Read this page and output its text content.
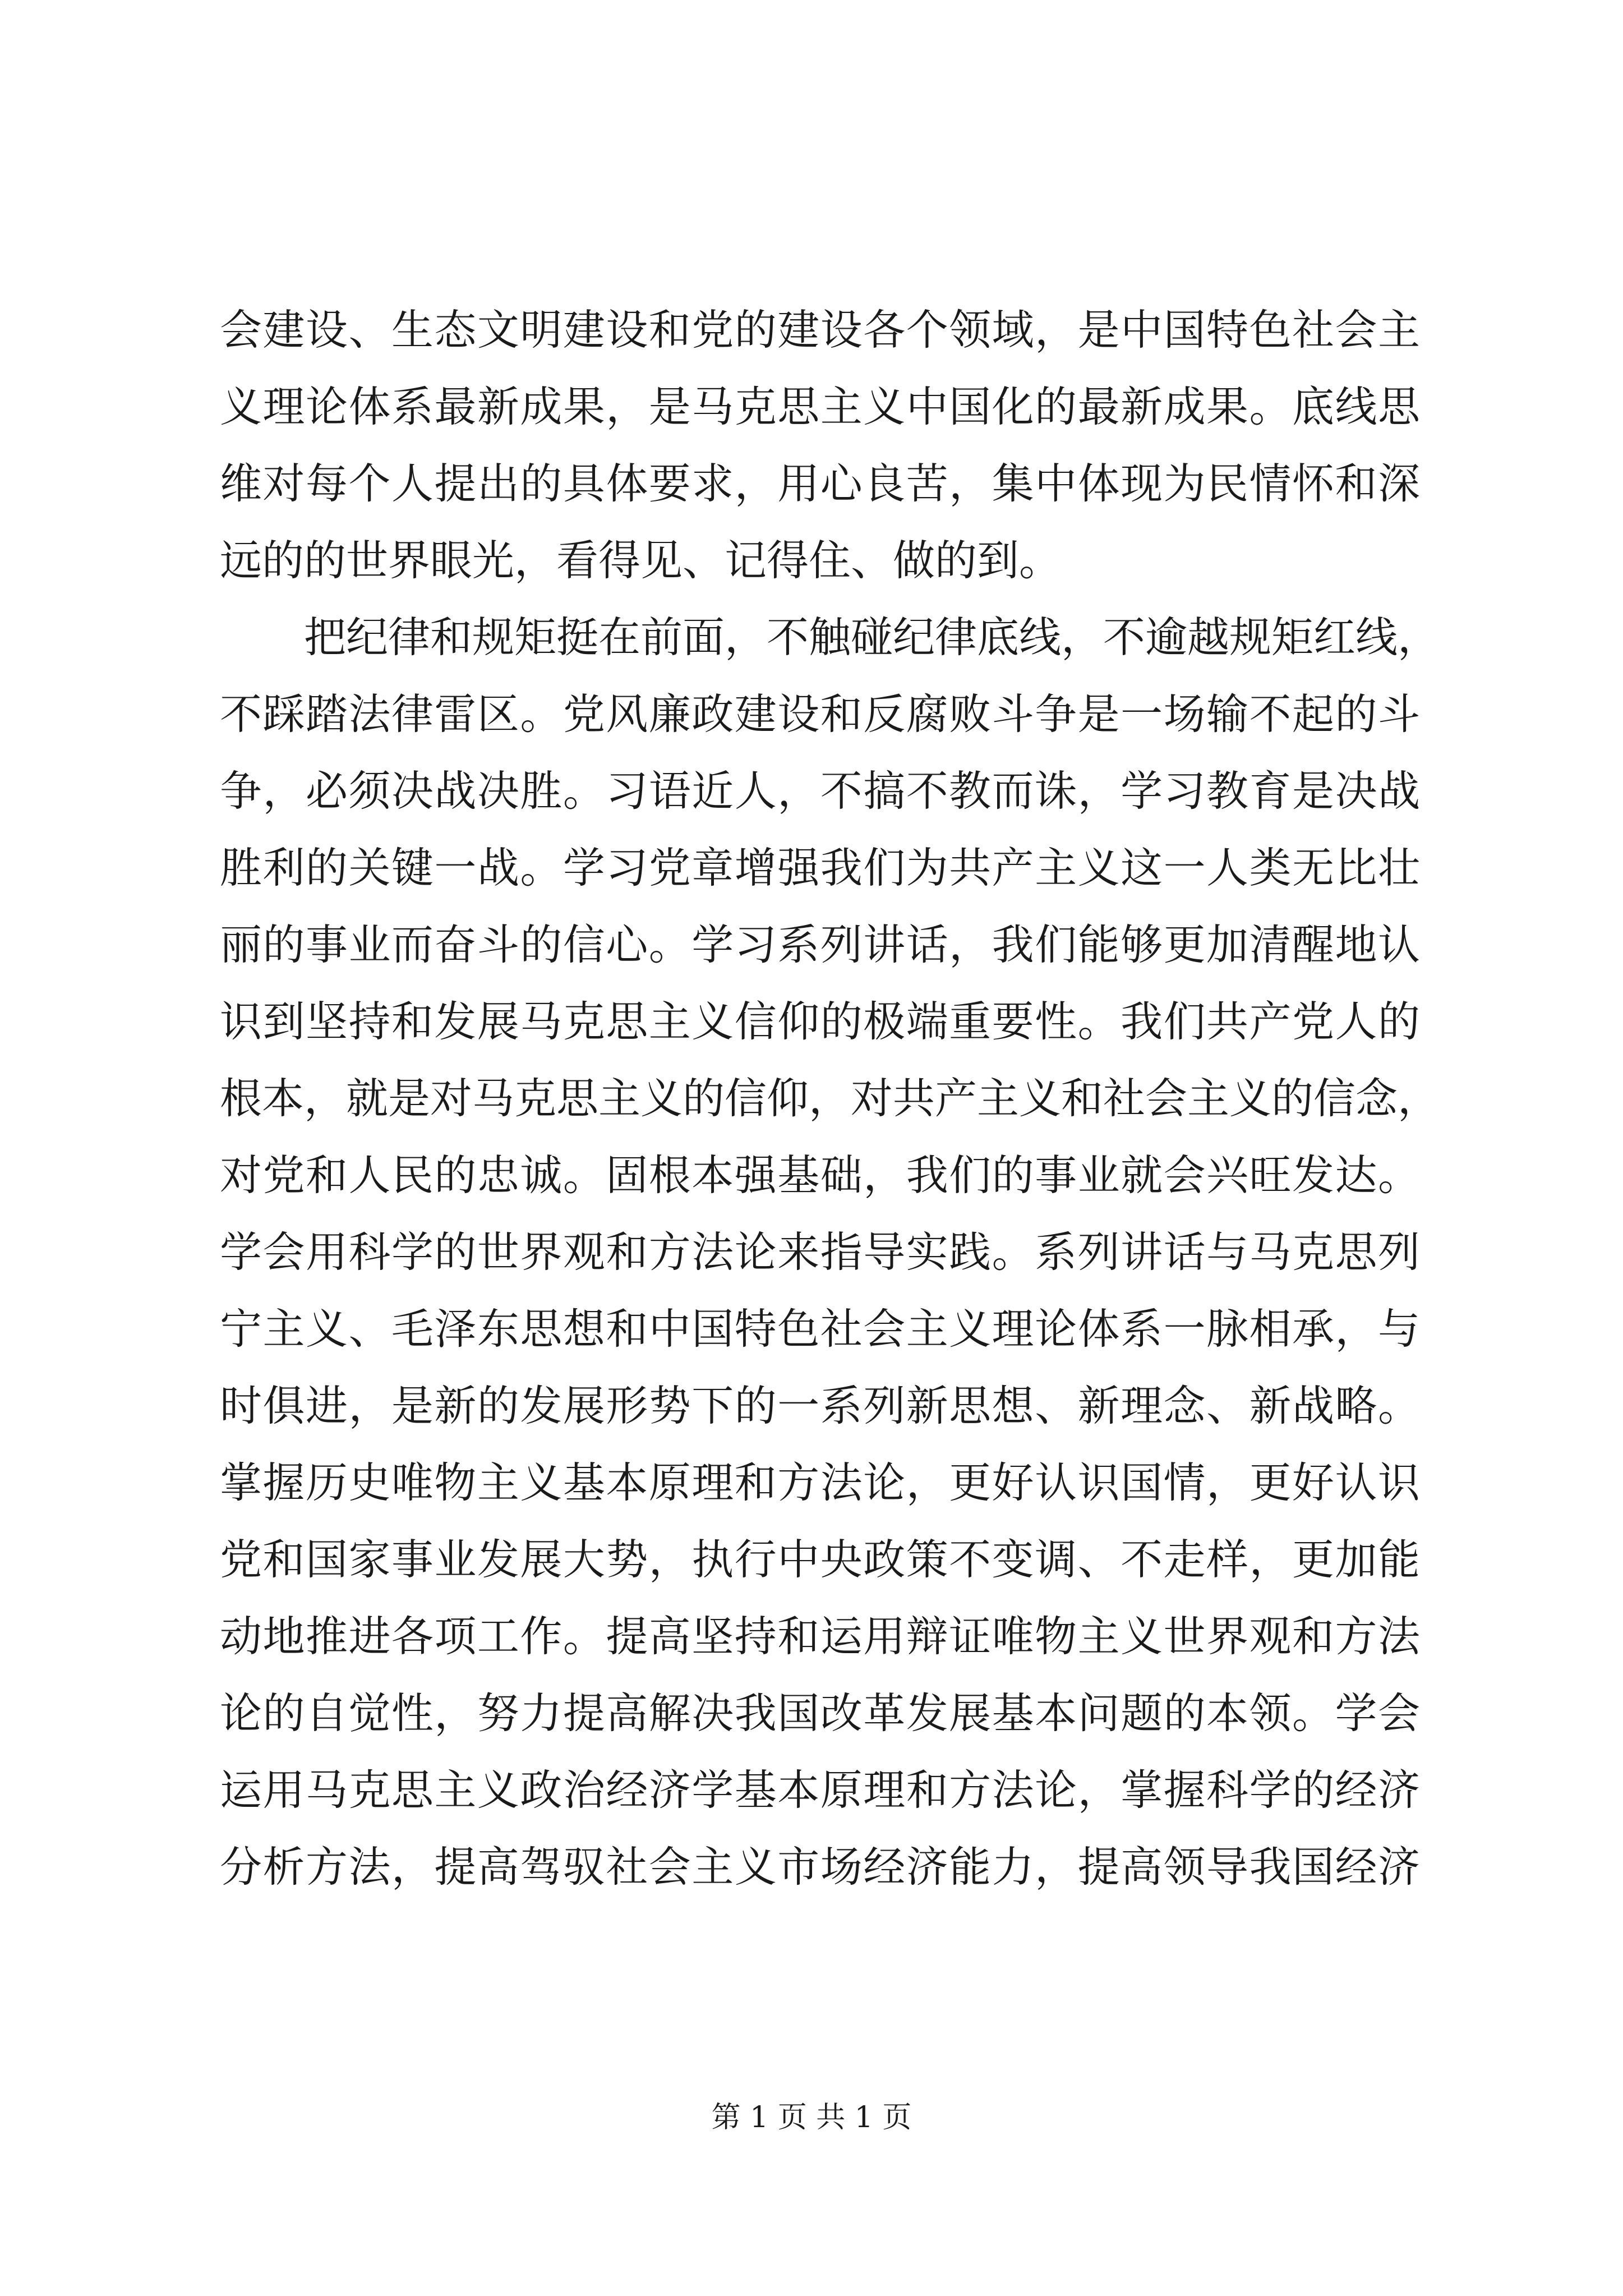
会建设、生态文明建设和党的建设各个领域，是中国特色社会主
义理论体系最新成果，是马克思主义中国化的最新成果。底线思
维对每个人提出的具体要求，用心良苦，集中体现为民情怀和深
远的的世界眼光，看得见、记得住、做的到。
把纪律和规矩挺在前面，不触碰纪律底线，不逾越规矩红线，
不踩踏法律雷区。党风廉政建设和反腐败斗争是一场输不起的斗
争，必须决战决胜。习语近人，不搞不教而诛，学习教育是决战
胜利的关键一战。学习党章增强我们为共产主义这一人类无比壮
丽的事业而奋斗的信心。学习系列讲话，我们能够更加清醒地认
识到坚持和发展马克思主义信仰的极端重要性。我们共产党人的
根本，就是对马克思主义的信仰，对共产主义和社会主义的信念，
对党和人民的忠诚。固根本强基础，我们的事业就会兴旺发达。
学会用科学的世界观和方法论来指导实践。系列讲话与马克思列
宁主义、毛泽东思想和中国特色社会主义理论体系一脉相承，与
时俱进，是新的发展形势下的一系列新思想、新理念、新战略。
掌握历史唯物主义基本原理和方法论，更好认识国情，更好认识
党和国家事业发展大势，执行中央政策不变调、不走样，更加能
动地推进各项工作。提高坚持和运用辩证唯物主义世界观和方法
论的自觉性，努力提高解决我国改革发展基本问题的本领。学会
运用马克思主义政治经济学基本原理和方法论，掌握科学的经济
分析方法，提高驾驭社会主义市场经济能力，提高领导我国经济
第 1 页 共 1 页
